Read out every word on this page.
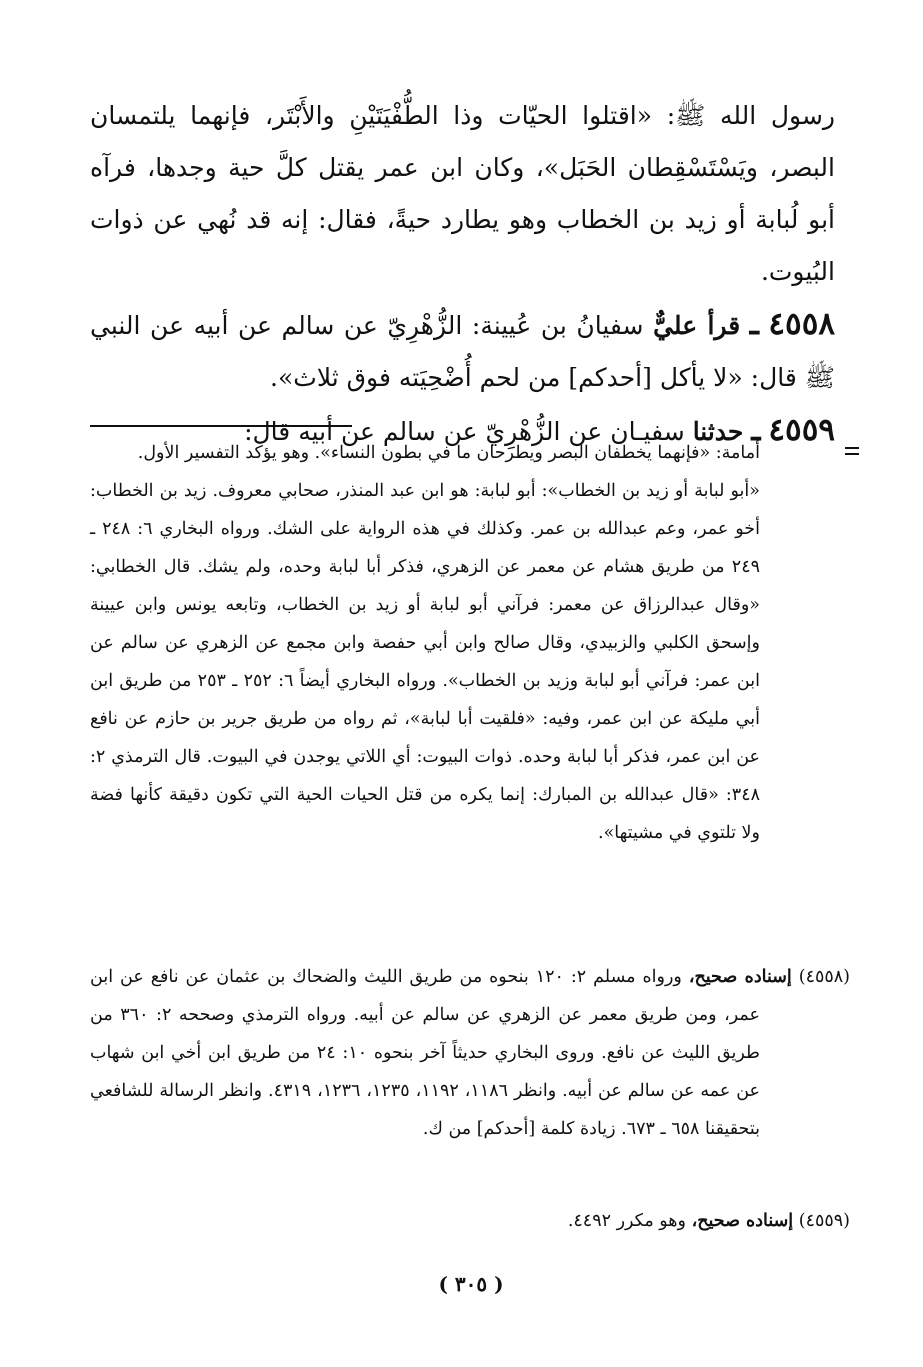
رسول الله ﷺ: «اقتلوا الحيّات وذا الطُّفْيَتَيْنِ والأَبْتَر، فإنهما يلتمسان البصر، ويَسْتَسْقِطان الحَبَل»، وكان ابن عمر يقتل كلَّ حية وجدها، فرآه أبو لُبابة أو زيد بن الخطاب وهو يطارد حيةً، فقال: إنه قد نُهي عن ذوات البُيوت.

٤٥٥٨ ـ قرأ عليٌّ سفيانُ بن عُيينة: الزُّهْرِيّ عن سالم عن أبيه عن النبي ﷺ قال: «لا يأكل [أحدكم] من لحم أُضْحِيَته فوق ثلاث».

٤٥٥٩ ـ حدثنا سفيـان عن الزُّهْرِيّ عن سالم عن أبيه قال:

أمامة: «فإنهما يخطفان البصر ويطرحان ما في بطون النساء». وهو يؤكد التفسير الأول.

«أبو لبابة أو زيد بن الخطاب»: أبو لبابة: هو ابن عبد المنذر، صحابي معروف. زيد بن الخطاب: أخو عمر، وعم عبدالله بن عمر. وكذلك في هذه الرواية على الشك. ورواه البخاري ٦: ٢٤٨ ـ ٢٤٩ من طريق هشام عن معمر عن الزهري، فذكر أبا لبابة وحده، ولم يشك. قال الخطابي: «وقال عبدالرزاق عن معمر: فرآني أبو لبابة أو زيد بن الخطاب، وتابعه يونس وابن عيينة وإسحق الكلبي والزبيدي، وقال صالح وابن أبي حفصة وابن مجمع عن الزهري عن سالم عن ابن عمر: فرآني أبو لبابة وزيد بن الخطاب». ورواه البخاري أيضاً ٦: ٢٥٢ ـ ٢٥٣ من طريق ابن أبي مليكة عن ابن عمر، وفيه: «فلقيت أبا لبابة»، ثم رواه من طريق جرير بن حازم عن نافع عن ابن عمر، فذكر أبا لبابة وحده. ذوات البيوت: أي اللاتي يوجدن في البيوت. قال الترمذي ٢: ٣٤٨: «قال عبدالله بن المبارك: إنما يكره من قتل الحيات الحية التي تكون دقيقة كأنها فضة ولا تلتوي في مشيتها».

(٤٥٥٨) إسناده صحيح، ورواه مسلم ٢: ١٢٠ بنحوه من طريق الليث والضحاك بن عثمان عن نافع عن ابن عمر، ومن طريق معمر عن الزهري عن سالم عن أبيه. ورواه الترمذي وصححه ٢: ٣٦٠ من طريق الليث عن نافع. وروى البخاري حديثاً آخر بنحوه ١٠: ٢٤ من طريق ابن أخي ابن شهاب عن عمه عن سالم عن أبيه. وانظر ١١٨٦، ١١٩٢، ١٢٣٥، ١٢٣٦، ٤٣١٩. وانظر الرسالة للشافعي بتحقيقنا ٦٥٨ ـ ٦٧٣. زيادة كلمة [أحدكم] من ك.

(٤٥٥٩) إسناده صحيح، وهو مكرر ٤٤٩٢.

( ٣٠٥ )
